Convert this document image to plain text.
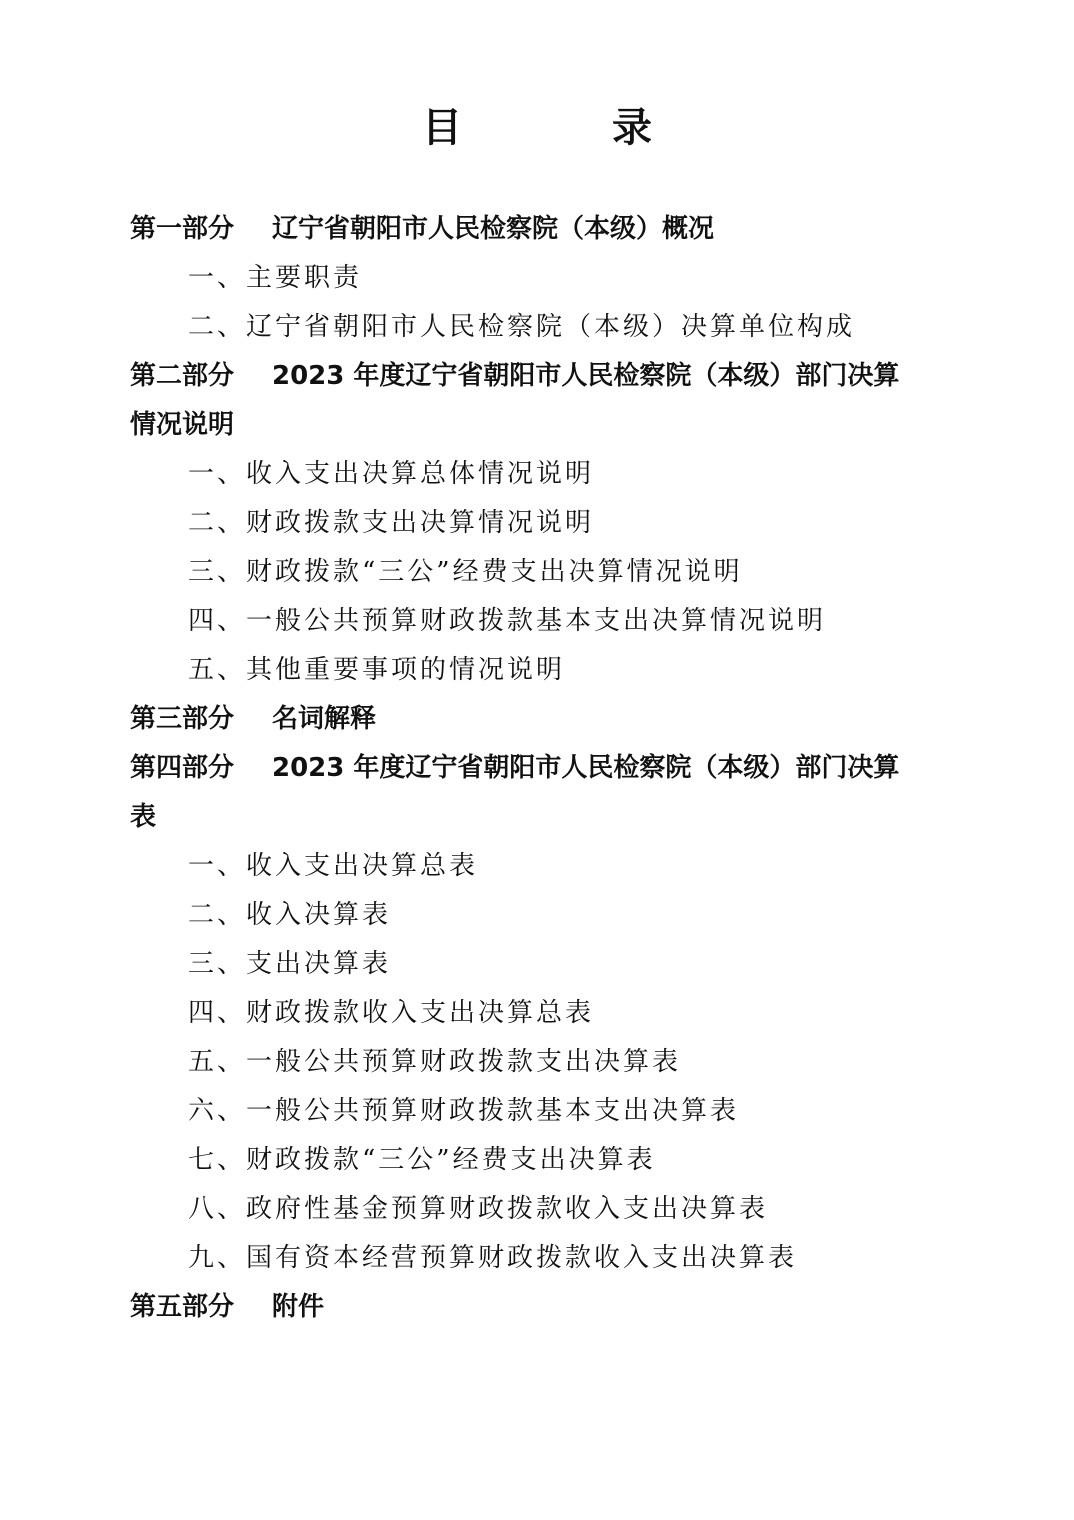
目 录
第一部分 辽宁省朝阳市人民检察院（本级）概况
一、主要职责
二、辽宁省朝阳市人民检察院（本级）决算单位构成
第二部分 2023 年度辽宁省朝阳市人民检察院（本级）部门决算
情况说明
一、收入支出决算总体情况说明
二、财政拨款支出决算情况说明
三、财政拨款“三公”经费支出决算情况说明
四、一般公共预算财政拨款基本支出决算情况说明
五、其他重要事项的情况说明
第三部分 名词解释
第四部分 2023 年度辽宁省朝阳市人民检察院（本级）部门决算
表
一、收入支出决算总表
二、收入决算表
三、支出决算表
四、财政拨款收入支出决算总表
五、一般公共预算财政拨款支出决算表
六、一般公共预算财政拨款基本支出决算表
七、财政拨款“三公”经费支出决算表
八、政府性基金预算财政拨款收入支出决算表
九、国有资本经营预算财政拨款收入支出决算表
第五部分 附件
